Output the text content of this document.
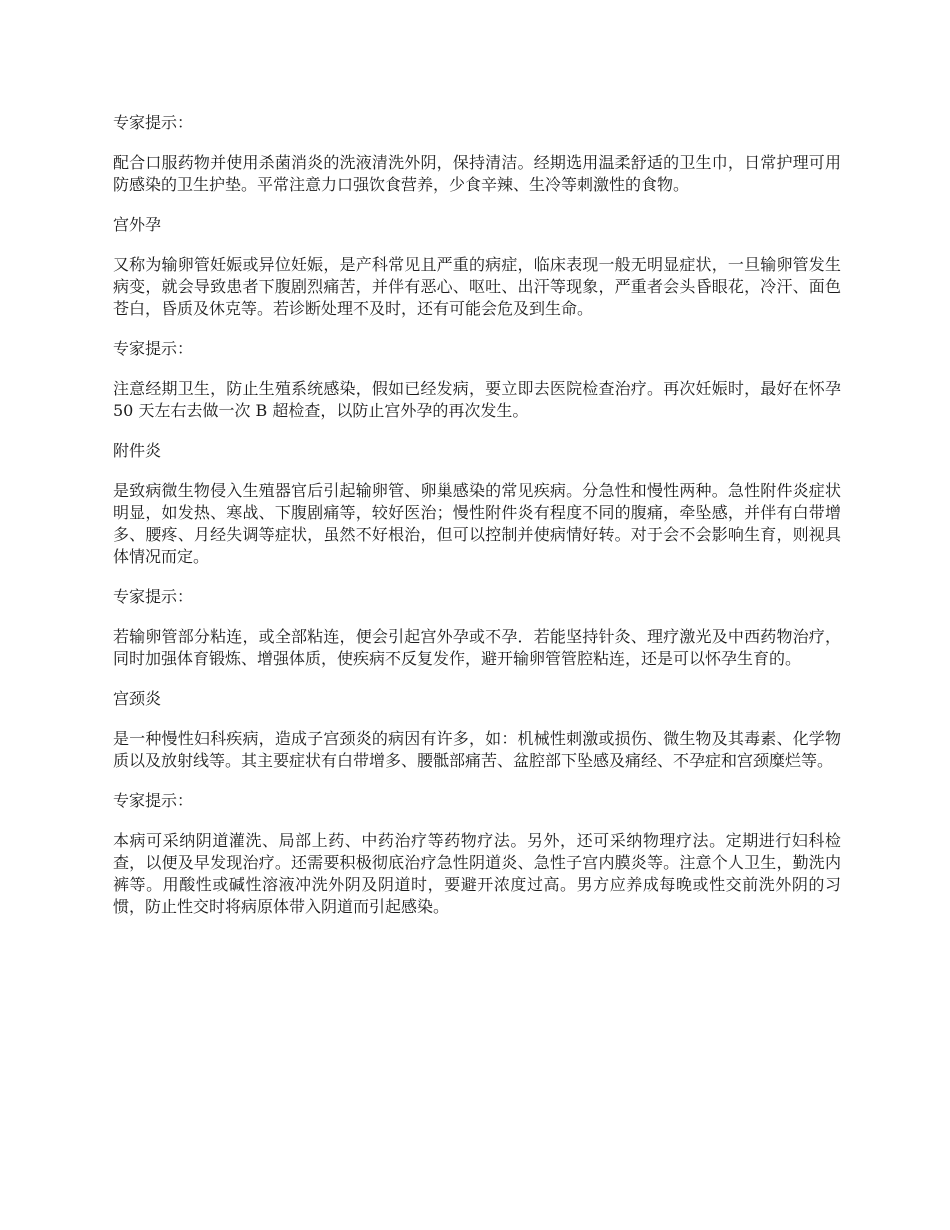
专家提示：

配合口服药物并使用杀菌消炎的洗液清洗外阴，保持清洁。经期选用温柔舒适的卫生巾，日常护理可用防感染的卫生护垫。平常注意力口强饮食营养，少食辛辣、生冷等刺激性的食物。

宫外孕

又称为输卵管妊娠或异位妊娠，是产科常见且严重的病症，临床表现一般无明显症状，一旦输卵管发生病变，就会导致患者下腹剧烈痛苦，并伴有恶心、呕吐、出汗等现象，严重者会头昏眼花，冷汗、面色苍白，昏质及休克等。若诊断处理不及时，还有可能会危及到生命。

专家提示：

注意经期卫生，防止生殖系统感染，假如已经发病，要立即去医院检查治疗。再次妊娠时，最好在怀孕 50 天左右去做一次 B 超检查，以防止宫外孕的再次发生。

附件炎

是致病微生物侵入生殖器官后引起输卵管、卵巢感染的常见疾病。分急性和慢性两种。急性附件炎症状明显，如发热、寒战、下腹剧痛等，较好医治；慢性附件炎有程度不同的腹痛，牵坠感，并伴有白带增多、腰疼、月经失调等症状，虽然不好根治，但可以控制并使病情好转。对于会不会影响生育，则视具体情况而定。

专家提示：

若输卵管部分粘连，或全部粘连，便会引起宫外孕或不孕．若能坚持针灸、理疗激光及中西药物治疗，同时加强体育锻炼、增强体质，使疾病不反复发作，避开输卵管管腔粘连，还是可以怀孕生育的。

宫颈炎

是一种慢性妇科疾病，造成子宫颈炎的病因有许多，如：机械性刺激或损伤、微生物及其毒素、化学物质以及放射线等。其主要症状有白带增多、腰骶部痛苦、盆腔部下坠感及痛经、不孕症和宫颈糜烂等。

专家提示：

本病可采纳阴道灌洗、局部上药、中药治疗等药物疗法。另外，还可采纳物理疗法。定期进行妇科检查，以便及早发现治疗。还需要积极彻底治疗急性阴道炎、急性子宫内膜炎等。注意个人卫生，勤洗内裤等。用酸性或碱性溶液冲洗外阴及阴道时，要避开浓度过高。男方应养成每晚或性交前洗外阴的习惯，防止性交时将病原体带入阴道而引起感染。
